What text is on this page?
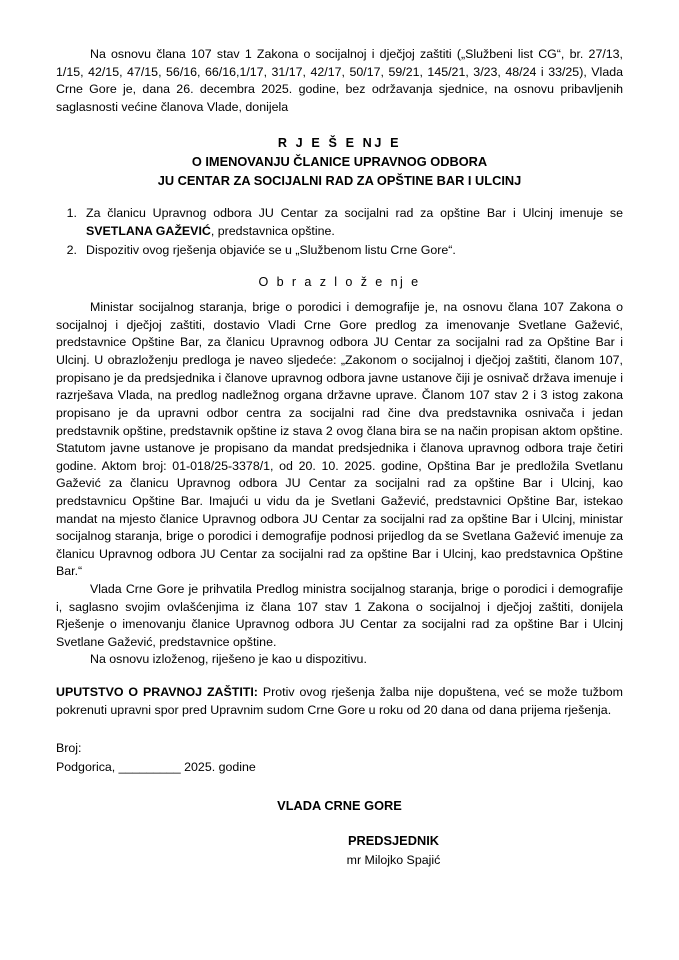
Na osnovu člana 107 stav 1 Zakona o socijalnoj i dječjoj zaštiti („Službeni list CG“, br. 27/13, 1/15, 42/15, 47/15, 56/16, 66/16,1/17, 31/17, 42/17, 50/17, 59/21, 145/21, 3/23, 48/24 i 33/25), Vlada Crne Gore je, dana 26. decembra 2025. godine, bez održavanja sjednice, na osnovu pribavljenih saglasnosti većine članova Vlade, donijela

R J E Š E NJ E
O IMENOVANJU ČLANICE UPRAVNOG ODBORA
JU CENTAR ZA SOCIJALNI RAD ZA OPŠTINE BAR I ULCINJ
1. Za članicu Upravnog odbora JU Centar za socijalni rad za opštine Bar i Ulcinj imenuje se SVETLANA GAŽEVIĆ, predstavnica opštine.
2. Dispozitiv ovog rješenja objaviće se u „Službenom listu Crne Gore“.
O b r a z l o ž e nj e

Ministar socijalnog staranja, brige o porodici i demografije je, na osnovu člana 107 Zakona o socijalnoj i dječjoj zaštiti, dostavio Vladi Crne Gore predlog za imenovanje Svetlane Gažević, predstavnice Opštine Bar, za članicu Upravnog odbora JU Centar za socijalni rad za Opštine Bar i Ulcinj. U obrazloženju predloga je naveo sljedeće: „Zakonom o socijalnoj i dječjoj zaštiti, članom 107, propisano je da predsjednika i članove upravnog odbora javne ustanove čiji je osnivač država imenuje i razrješava Vlada, na predlog nadležnog organa državne uprave. Članom 107 stav 2 i 3 istog zakona propisano je da upravni odbor centra za socijalni rad čine dva predstavnika osnivača i jedan predstavnik opštine, predstavnik opštine iz stava 2 ovog člana bira se na način propisan aktom opštine. Statutom javne ustanove je propisano da mandat predsjednika i članova upravnog odbora traje četiri godine. Aktom broj: 01-018/25-3378/1, od 20. 10. 2025. godine, Opština Bar je predložila Svetlanu Gažević za članicu Upravnog odbora JU Centar za socijalni rad za opštine Bar i Ulcinj, kao predstavnicu Opštine Bar. Imajući u vidu da je Svetlani Gažević, predstavnici Opštine Bar, istekao mandat na mjesto članice Upravnog odbora JU Centar za socijalni rad za opštine Bar i Ulcinj, ministar socijalnog staranja, brige o porodici i demografije podnosi prijedlog da se Svetlana Gažević imenuje za članicu Upravnog odbora JU Centar za socijalni rad za opštine Bar i Ulcinj, kao predstavnica Opštine Bar.“

Vlada Crne Gore je prihvatila Predlog ministra socijalnog staranja, brige o porodici i demografije i, saglasno svojim ovlašćenjima iz člana 107 stav 1 Zakona o socijalnoj i dječjoj zaštiti, donijela Rješenje o imenovanju članice Upravnog odbora JU Centar za socijalni rad za opštine Bar i Ulcinj Svetlane Gažević, predstavnice opštine.

Na osnovu izloženog, riješeno je kao u dispozitivu.

UPUTSTVO O PRAVNOJ ZAŠTITI: Protiv ovog rješenja žalba nije dopuštena, već se može tužbom pokrenuti upravni spor pred Upravnim sudom Crne Gore u roku od 20 dana od dana prijema rješenja.

Broj:
Podgorica, _________ 2025. godine
VLADA CRNE GORE
PREDSJEDNIK
mr Milojko Spajić
